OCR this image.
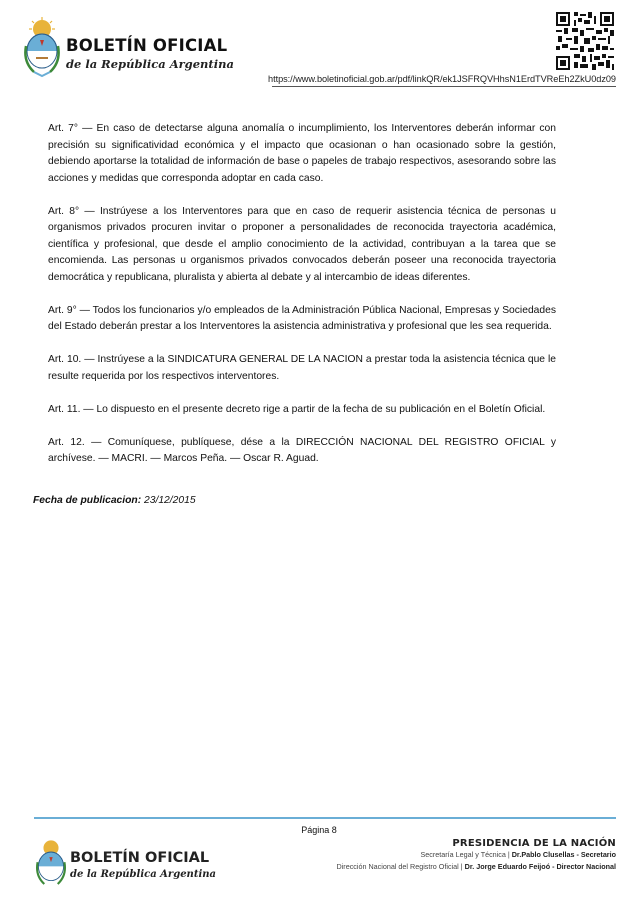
BOLETÍN OFICIAL
de la República Argentina
https://www.boletinoficial.gob.ar/pdf/linkQR/ek1JSFRQVHhsN1ErdTVReEh2ZkU0dz09

Art. 7° — En caso de detectarse alguna anomalía o incumplimiento, los Interventores deberán informar con precisión su significatividad económica y el impacto que ocasionan o han ocasionado sobre la gestión, debiendo aportarse la totalidad de información de base o papeles de trabajo respectivos, asesorando sobre las acciones y medidas que corresponda adoptar en cada caso.

Art. 8° — Instrúyese a los Interventores para que en caso de requerir asistencia técnica de personas u organismos privados procuren invitar o proponer a personalidades de reconocida trayectoria académica, científica y profesional, que desde el amplio conocimiento de la actividad, contribuyan a la tarea que se encomienda. Las personas u organismos privados convocados deberán poseer una reconocida trayectoria democrática y republicana, pluralista y abierta al debate y al intercambio de ideas diferentes.

Art. 9° — Todos los funcionarios y/o empleados de la Administración Pública Nacional, Empresas y Sociedades del Estado deberán prestar a los Interventores la asistencia administrativa y profesional que les sea requerida.

Art. 10. — Instrúyese a la SINDICATURA GENERAL DE LA NACION a prestar toda la asistencia técnica que le resulte requerida por los respectivos interventores.

Art. 11. — Lo dispuesto en el presente decreto rige a partir de la fecha de su publicación en el Boletín Oficial.

Art. 12. — Comuníquese, publíquese, dése a la DIRECCIÓN NACIONAL DEL REGISTRO OFICIAL y archívese. — MACRI. — Marcos Peña. — Oscar R. Aguad.

Fecha de publicacion: 23/12/2015
Página 8
BOLETÍN OFICIAL
de la República Argentina
PRESIDENCIA DE LA NACIÓN
Secretaría Legal y Técnica | Dr.Pablo Clusellas - Secretario
Dirección Nacional del Registro Oficial | Dr. Jorge Eduardo Feijoó - Director Nacional
